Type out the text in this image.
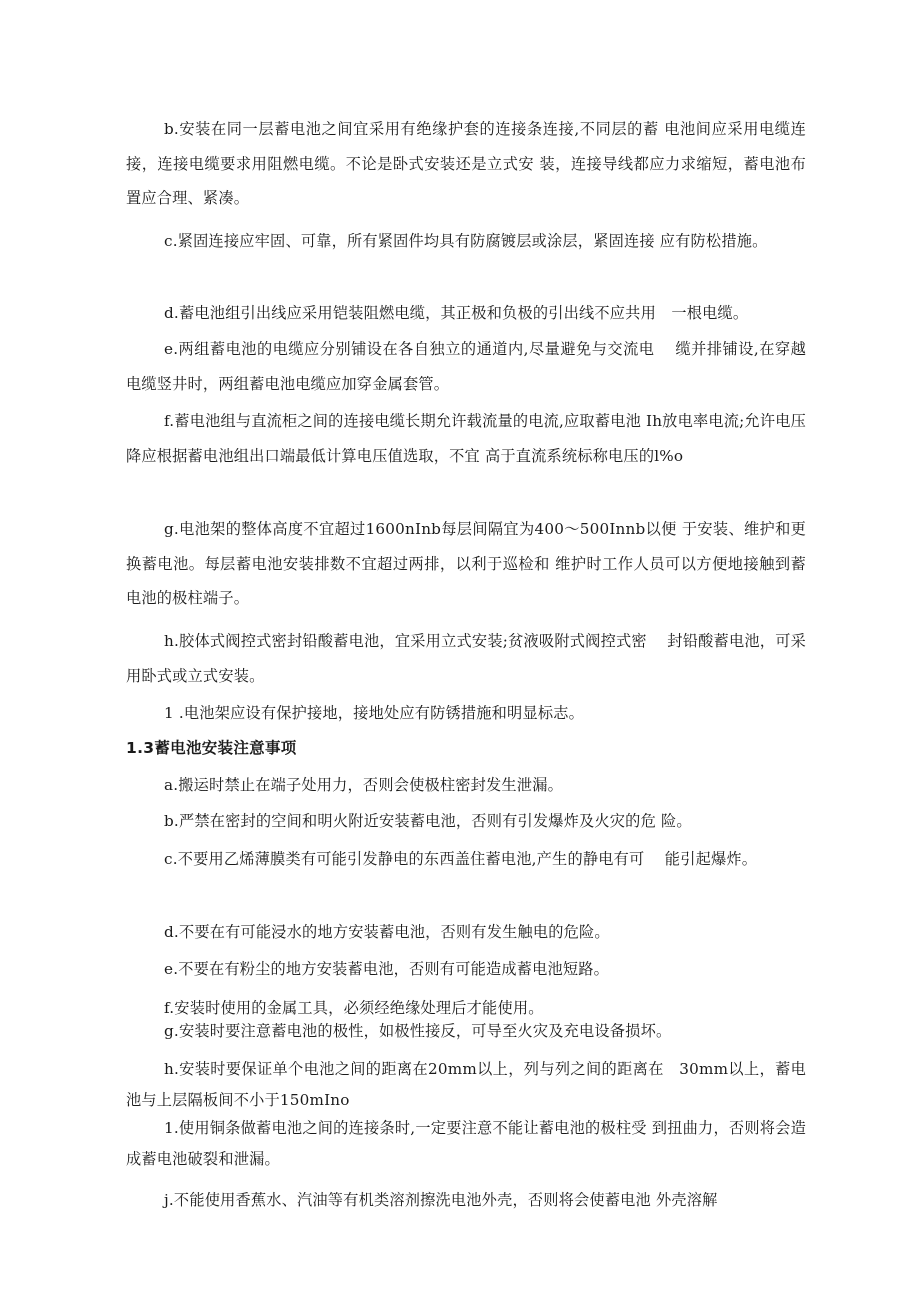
b.安装在同一层蓄电池之间宜采用有绝缘护套的连接条连接,不同层的蓄 电池间应采用电缆连接，连接电缆要求用阻燃电缆。不论是卧式安装还是立式安 装，连接导线都应力求缩短，蓄电池布置应合理、紧凑。

c.紧固连接应牢固、可靠，所有紧固件均具有防腐镀层或涂层，紧固连接 应有防松措施。

d.蓄电池组引出线应采用铠装阻燃电缆，其正极和负极的引出线不应共用　一根电缆。

e.两组蓄电池的电缆应分别铺设在各自独立的通道内,尽量避免与交流电　 缆并排铺设,在穿越电缆竖井时，两组蓄电池电缆应加穿金属套管。

f.蓄电池组与直流柜之间的连接电缆长期允许载流量的电流,应取蓄电池 Ih放电率电流;允许电压降应根据蓄电池组出口端最低计算电压值选取，不宜 高于直流系统标称电压的l%o

g.电池架的整体高度不宜超过1600nInb每层间隔宜为400～500Innb以便 于安装、维护和更换蓄电池。每层蓄电池安装排数不宜超过两排，以利于巡检和 维护时工作人员可以方便地接触到蓄电池的极柱端子。

h.胶体式阀控式密封铅酸蓄电池，宜采用立式安装;贫液吸附式阀控式密　 封铅酸蓄电池，可采用卧式或立式安装。

1 .电池架应设有保护接地，接地处应有防锈措施和明显标志。

1.3蓄电池安装注意事项

a.搬运时禁止在端子处用力，否则会使极柱密封发生泄漏。

b.严禁在密封的空间和明火附近安装蓄电池，否则有引发爆炸及火灾的危 险。

c.不要用乙烯薄膜类有可能引发静电的东西盖住蓄电池,产生的静电有可　 能引起爆炸。

d.不要在有可能浸水的地方安装蓄电池，否则有发生触电的危险。

e.不要在有粉尘的地方安装蓄电池，否则有可能造成蓄电池短路。

f.安装时使用的金属工具，必须经绝缘处理后才能使用。

g.安装时要注意蓄电池的极性，如极性接反，可导至火灾及充电设备损坏。

h.安装时要保证单个电池之间的距离在20mm以上，列与列之间的距离在　30mm以上，蓄电池与上层隔板间不小于150mIno

1.使用铜条做蓄电池之间的连接条时,一定要注意不能让蓄电池的极柱受 到扭曲力，否则将会造成蓄电池破裂和泄漏。

j.不能使用香蕉水、汽油等有机类溶剂擦洗电池外壳，否则将会使蓄电池 外壳溶解
